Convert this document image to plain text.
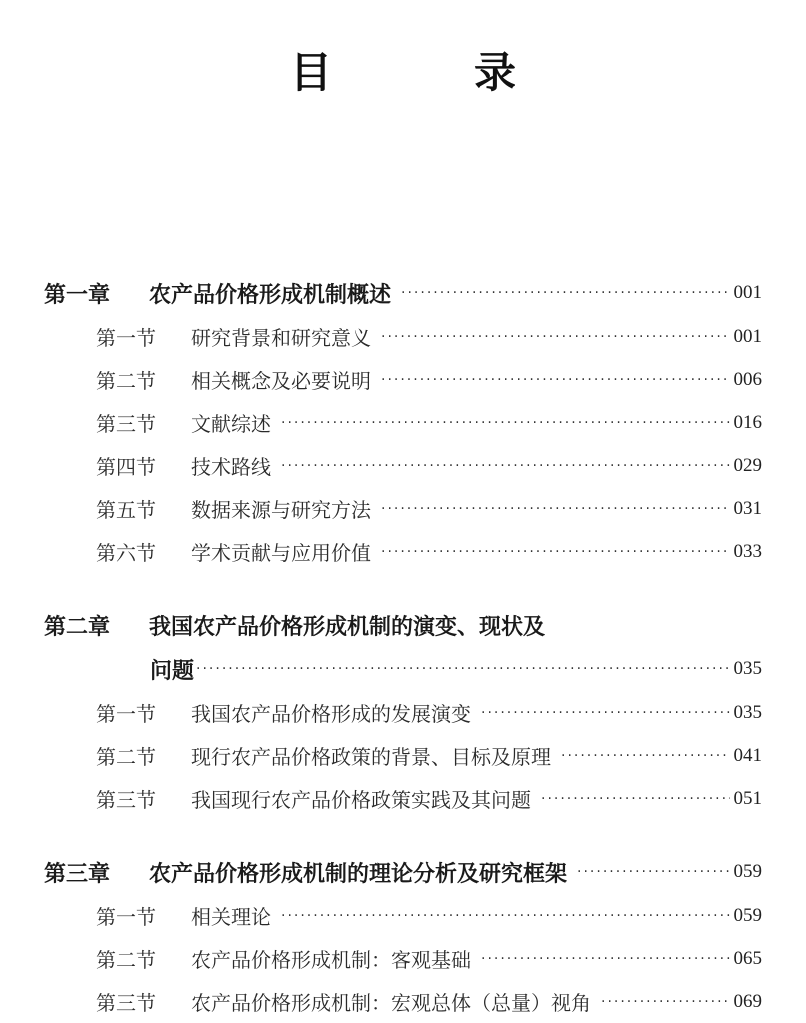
目　录
第一章	农产品价格形成机制概述 ·····	001
第一节	研究背景和研究意义 ·····	001
第二节	相关概念及必要说明 ·····	006
第三节	文献综述 ·····	016
第四节	技术路线 ·····	029
第五节	数据来源与研究方法 ·····	031
第六节	学术贡献与应用价值 ·····	033
第二章	我国农产品价格形成机制的演变、现状及
问题 ·····	035
第一节	我国农产品价格形成的发展演变 ·····	035
第二节	现行农产品价格政策的背景、目标及原理 ·····	041
第三节	我国现行农产品价格政策实践及其问题 ·····	051
第三章	农产品价格形成机制的理论分析及研究框架 ·····	059
第一节	相关理论 ·····	059
第二节	农产品价格形成机制：客观基础 ·····	065
第三节	农产品价格形成机制：宏观总体（总量）视角 ·····	069
